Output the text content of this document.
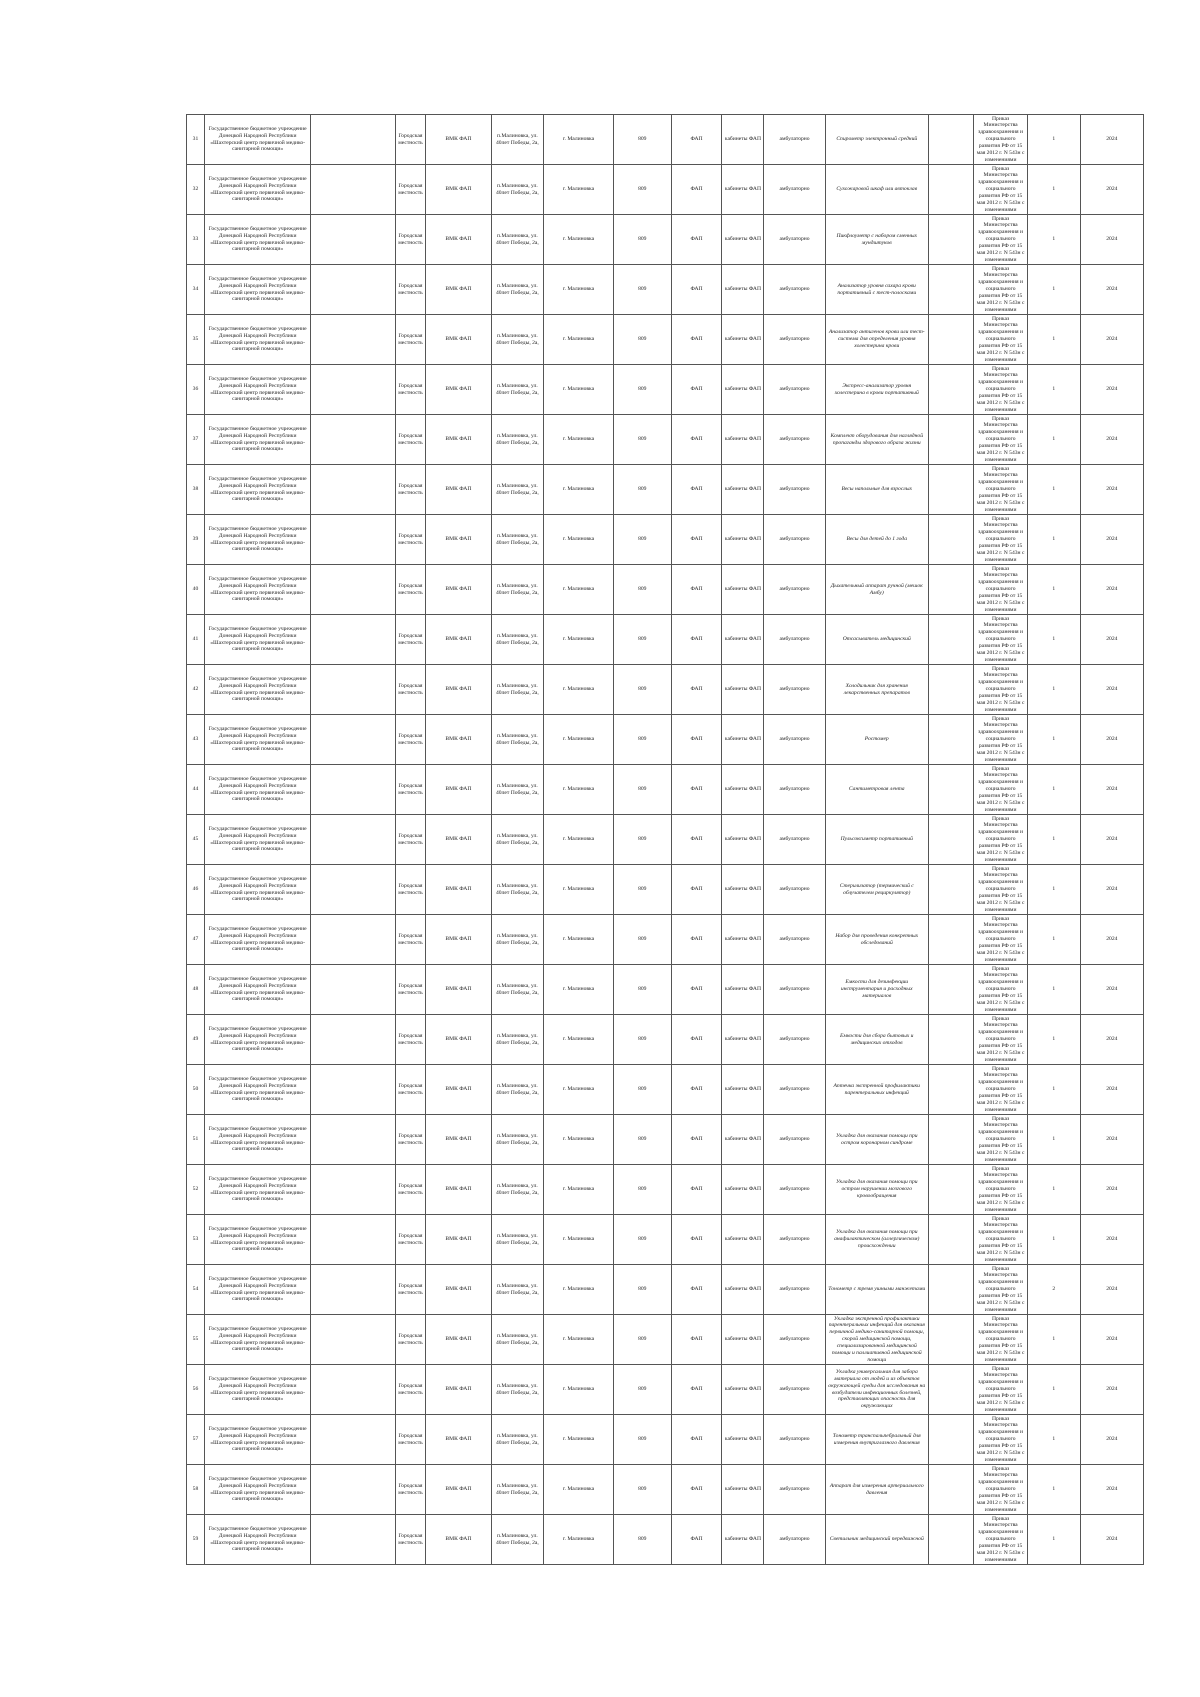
31	Государственное бюджетное учреждение Донецкой Народной Республики «Шахтерский центр первичной медико-санитарной помощи»		Городская местность	ВМК ФАП	п.Малиновка, ул. 40лет Победы, 2а,	г. Малиновка	809	ФАП	кабинеты ФАП	амбулаторно	Спирометр электронный средний		Приказ Министерства здравоохранения и социального развития РФ от 15 мая 2012 г. N 543н с изменениями	1	2024
32	Государственное бюджетное учреждение Донецкой Народной Республики «Шахтерский центр первичной медико-санитарной помощи»		Городская местность	ВМК ФАП	п.Малиновка, ул. 40лет Победы, 2а,	г. Малиновка	809	ФАП	кабинеты ФАП	амбулаторно	Сухожаровой шкаф или автоклав		Приказ Министерства здравоохранения и социального развития РФ от 15 мая 2012 г. N 543н с изменениями	1	2024
33	Государственное бюджетное учреждение Донецкой Народной Республики «Шахтерский центр первичной медико-санитарной помощи»		Городская местность	ВМК ФАП	п.Малиновка, ул. 40лет Победы, 2а,	г. Малиновка	809	ФАП	кабинеты ФАП	амбулаторно	Пикфлоуметр с набором сменных мундштуков		Приказ Министерства здравоохранения и социального развития РФ от 15 мая 2012 г. N 543н с изменениями	1	2024
34	Государственное бюджетное учреждение Донецкой Народной Республики «Шахтерский центр первичной медико-санитарной помощи»		Городская местность	ВМК ФАП	п.Малиновка, ул. 40лет Победы, 2а,	г. Малиновка	809	ФАП	кабинеты ФАП	амбулаторно	Анализатор уровня сахара крови портативный с тест-полосками		Приказ Министерства здравоохранения и социального развития РФ от 15 мая 2012 г. N 543н с изменениями	1	2024
35	Государственное бюджетное учреждение Донецкой Народной Республики «Шахтерский центр первичной медико-санитарной помощи»		Городская местность	ВМК ФАП	п.Малиновка, ул. 40лет Победы, 2а,	г. Малиновка	809	ФАП	кабинеты ФАП	амбулаторно	Анализатор антигенов крови или тест-система для определения уровня холестерина крови		Приказ Министерства здравоохранения и социального развития РФ от 15 мая 2012 г. N 543н с изменениями	1	2024
36	Государственное бюджетное учреждение Донецкой Народной Республики «Шахтерский центр первичной медико-санитарной помощи»		Городская местность	ВМК ФАП	п.Малиновка, ул. 40лет Победы, 2а,	г. Малиновка	809	ФАП	кабинеты ФАП	амбулаторно	Экспресс-анализатор уровня холестерина в крови портативный		Приказ Министерства здравоохранения и социального развития РФ от 15 мая 2012 г. N 543н с изменениями	1	2024
37	Государственное бюджетное учреждение Донецкой Народной Республики «Шахтерский центр первичной медико-санитарной помощи»		Городская местность	ВМК ФАП	п.Малиновка, ул. 40лет Победы, 2а,	г. Малиновка	809	ФАП	кабинеты ФАП	амбулаторно	Комплект оборудования для наглядной пропаганды здорового образа жизни		Приказ Министерства здравоохранения и социального развития РФ от 15 мая 2012 г. N 543н с изменениями	1	2024
38	Государственное бюджетное учреждение Донецкой Народной Республики «Шахтерский центр первичной медико-санитарной помощи»		Городская местность	ВМК ФАП	п.Малиновка, ул. 40лет Победы, 2а,	г. Малиновка	809	ФАП	кабинеты ФАП	амбулаторно	Весы напольные для взрослых		Приказ Министерства здравоохранения и социального развития РФ от 15 мая 2012 г. N 543н с изменениями	1	2024
39	Государственное бюджетное учреждение Донецкой Народной Республики «Шахтерский центр первичной медико-санитарной помощи»		Городская местность	ВМК ФАП	п.Малиновка, ул. 40лет Победы, 2а,	г. Малиновка	809	ФАП	кабинеты ФАП	амбулаторно	Весы для детей до 1 года		Приказ Министерства здравоохранения и социального развития РФ от 15 мая 2012 г. N 543н с изменениями	1	2024
40	Государственное бюджетное учреждение Донецкой Народной Республики «Шахтерский центр первичной медико-санитарной помощи»		Городская местность	ВМК ФАП	п.Малиновка, ул. 40лет Победы, 2а,	г. Малиновка	809	ФАП	кабинеты ФАП	амбулаторно	Дыхательный аппарат ручной (мешок Амбу)		Приказ Министерства здравоохранения и социального развития РФ от 15 мая 2012 г. N 543н с изменениями	1	2024
41	Государственное бюджетное учреждение Донецкой Народной Республики «Шахтерский центр первичной медико-санитарной помощи»		Городская местность	ВМК ФАП	п.Малиновка, ул. 40лет Победы, 2а,	г. Малиновка	809	ФАП	кабинеты ФАП	амбулаторно	Отсасыватель медицинский		Приказ Министерства здравоохранения и социального развития РФ от 15 мая 2012 г. N 543н с изменениями	1	2024
42	Государственное бюджетное учреждение Донецкой Народной Республики «Шахтерский центр первичной медико-санитарной помощи»		Городская местность	ВМК ФАП	п.Малиновка, ул. 40лет Победы, 2а,	г. Малиновка	809	ФАП	кабинеты ФАП	амбулаторно	Холодильник для хранения лекарственных препаратов		Приказ Министерства здравоохранения и социального развития РФ от 15 мая 2012 г. N 543н с изменениями	1	2024
43	Государственное бюджетное учреждение Донецкой Народной Республики «Шахтерский центр первичной медико-санитарной помощи»		Городская местность	ВМК ФАП	п.Малиновка, ул. 40лет Победы, 2а,	г. Малиновка	809	ФАП	кабинеты ФАП	амбулаторно	Ростомер		Приказ Министерства здравоохранения и социального развития РФ от 15 мая 2012 г. N 543н с изменениями	1	2024
44	Государственное бюджетное учреждение Донецкой Народной Республики «Шахтерский центр первичной медико-санитарной помощи»		Городская местность	ВМК ФАП	п.Малиновка, ул. 40лет Победы, 2а,	г. Малиновка	809	ФАП	кабинеты ФАП	амбулаторно	Сантиметровая лента		Приказ Министерства здравоохранения и социального развития РФ от 15 мая 2012 г. N 543н с изменениями	1	2024
45	Государственное бюджетное учреждение Донецкой Народной Республики «Шахтерский центр первичной медико-санитарной помощи»		Городская местность	ВМК ФАП	п.Малиновка, ул. 40лет Победы, 2а,	г. Малиновка	809	ФАП	кабинеты ФАП	амбулаторно	Пульсоксиметр портативный		Приказ Министерства здравоохранения и социального развития РФ от 15 мая 2012 г. N 543н с изменениями	1	2024
46	Государственное бюджетное учреждение Донецкой Народной Республики «Шахтерский центр первичной медико-санитарной помощи»		Городская местность	ВМК ФАП	п.Малиновка, ул. 40лет Победы, 2а,	г. Малиновка	809	ФАП	кабинеты ФАП	амбулаторно	Стерилизатор (термический с облучателем рециркулятор)		Приказ Министерства здравоохранения и социального развития РФ от 15 мая 2012 г. N 543н с изменениями	1	2024
47	Государственное бюджетное учреждение Донецкой Народной Республики «Шахтерский центр первичной медико-санитарной помощи»		Городская местность	ВМК ФАП	п.Малиновка, ул. 40лет Победы, 2а,	г. Малиновка	809	ФАП	кабинеты ФАП	амбулаторно	Набор для проведения конкретных обследований		Приказ Министерства здравоохранения и социального развития РФ от 15 мая 2012 г. N 543н с изменениями	1	2024
48	Государственное бюджетное учреждение Донецкой Народной Республики «Шахтерский центр первичной медико-санитарной помощи»		Городская местность	ВМК ФАП	п.Малиновка, ул. 40лет Победы, 2а,	г. Малиновка	809	ФАП	кабинеты ФАП	амбулаторно	Емкости для дезинфекции инструментария и расходных материалов		Приказ Министерства здравоохранения и социального развития РФ от 15 мая 2012 г. N 543н с изменениями	1	2024
49	Государственное бюджетное учреждение Донецкой Народной Республики «Шахтерский центр первичной медико-санитарной помощи»		Городская местность	ВМК ФАП	п.Малиновка, ул. 40лет Победы, 2а,	г. Малиновка	809	ФАП	кабинеты ФАП	амбулаторно	Емкости для сбора бытовых и медицинских отходов		Приказ Министерства здравоохранения и социального развития РФ от 15 мая 2012 г. N 543н с изменениями	1	2024
50	Государственное бюджетное учреждение Донецкой Народной Республики «Шахтерский центр первичной медико-санитарной помощи»		Городская местность	ВМК ФАП	п.Малиновка, ул. 40лет Победы, 2а,	г. Малиновка	809	ФАП	кабинеты ФАП	амбулаторно	Аптечка экстренной профилактики парентеральных инфекций		Приказ Министерства здравоохранения и социального развития РФ от 15 мая 2012 г. N 543н с изменениями	1	2024
51	Государственное бюджетное учреждение Донецкой Народной Республики «Шахтерский центр первичной медико-санитарной помощи»		Городская местность	ВМК ФАП	п.Малиновка, ул. 40лет Победы, 2а,	г. Малиновка	809	ФАП	кабинеты ФАП	амбулаторно	Укладка для оказания помощи при остром коронарном синдроме		Приказ Министерства здравоохранения и социального развития РФ от 15 мая 2012 г. N 543н с изменениями	1	2024
52	Государственное бюджетное учреждение Донецкой Народной Республики «Шахтерский центр первичной медико-санитарной помощи»		Городская местность	ВМК ФАП	п.Малиновка, ул. 40лет Победы, 2а,	г. Малиновка	809	ФАП	кабинеты ФАП	амбулаторно	Укладка для оказания помощи при остром нарушении мозгового кровообращения		Приказ Министерства здравоохранения и социального развития РФ от 15 мая 2012 г. N 543н с изменениями	1	2024
53	Государственное бюджетное учреждение Донецкой Народной Республики «Шахтерский центр первичной медико-санитарной помощи»		Городская местность	ВМК ФАП	п.Малиновка, ул. 40лет Победы, 2а,	г. Малиновка	809	ФАП	кабинеты ФАП	амбулаторно	Укладка для оказания помощи при анафилактическом (аллергическом) происхождении		Приказ Министерства здравоохранения и социального развития РФ от 15 мая 2012 г. N 543н с изменениями	1	2024
54	Государственное бюджетное учреждение Донецкой Народной Республики «Шахтерский центр первичной медико-санитарной помощи»		Городская местность	ВМК ФАП	п.Малиновка, ул. 40лет Победы, 2а,	г. Малиновка	809	ФАП	кабинеты ФАП	амбулаторно	Тонометр с тремя ушными манжетами		Приказ Министерства здравоохранения и социального развития РФ от 15 мая 2012 г. N 543н с изменениями	2	2024
55	Государственное бюджетное учреждение Донецкой Народной Республики «Шахтерский центр первичной медико-санитарной помощи»		Городская местность	ВМК ФАП	п.Малиновка, ул. 40лет Победы, 2а,	г. Малиновка	809	ФАП	кабинеты ФАП	амбулаторно	Укладка экстренной профилактики парентеральных инфекций для оказания первичной медико-санитарной помощи, скорой медицинской помощи, специализированной медицинской помощи и паллиативной медицинской помощи		Приказ Министерства здравоохранения и социального развития РФ от 15 мая 2012 г. N 543н с изменениями	1	2024
56	Государственное бюджетное учреждение Донецкой Народной Республики «Шахтерский центр первичной медико-санитарной помощи»		Городская местность	ВМК ФАП	п.Малиновка, ул. 40лет Победы, 2а,	г. Малиновка	809	ФАП	кабинеты ФАП	амбулаторно	Укладка универсальная для забора материала от людей и из объектов окружающей среды для исследования на возбудители инфекционных болезней, представляющих опасность для окружающих		Приказ Министерства здравоохранения и социального развития РФ от 15 мая 2012 г. N 543н с изменениями	1	2024
57	Государственное бюджетное учреждение Донецкой Народной Республики «Шахтерский центр первичной медико-санитарной помощи»		Городская местность	ВМК ФАП	п.Малиновка, ул. 40лет Победы, 2а,	г. Малиновка	809	ФАП	кабинеты ФАП	амбулаторно	Тонометр транспальпебральный для измерения внутриглазного давления		Приказ Министерства здравоохранения и социального развития РФ от 15 мая 2012 г. N 543н с изменениями	1	2024
58	Государственное бюджетное учреждение Донецкой Народной Республики «Шахтерский центр первичной медико-санитарной помощи»		Городская местность	ВМК ФАП	п.Малиновка, ул. 40лет Победы, 2а,	г. Малиновка	809	ФАП	кабинеты ФАП	амбулаторно	Аппарат для измерения артериального давления		Приказ Министерства здравоохранения и социального развития РФ от 15 мая 2012 г. N 543н с изменениями	1	2024
59	Государственное бюджетное учреждение Донецкой Народной Республики «Шахтерский центр первичной медико-санитарной помощи»		Городская местность	ВМК ФАП	п.Малиновка, ул. 40лет Победы, 2а,	г. Малиновка	809	ФАП	кабинеты ФАП	амбулаторно	Светильник медицинский передвижной		Приказ Министерства здравоохранения и социального развития РФ от 15 мая 2012 г. N 543н с изменениями	1	2024
